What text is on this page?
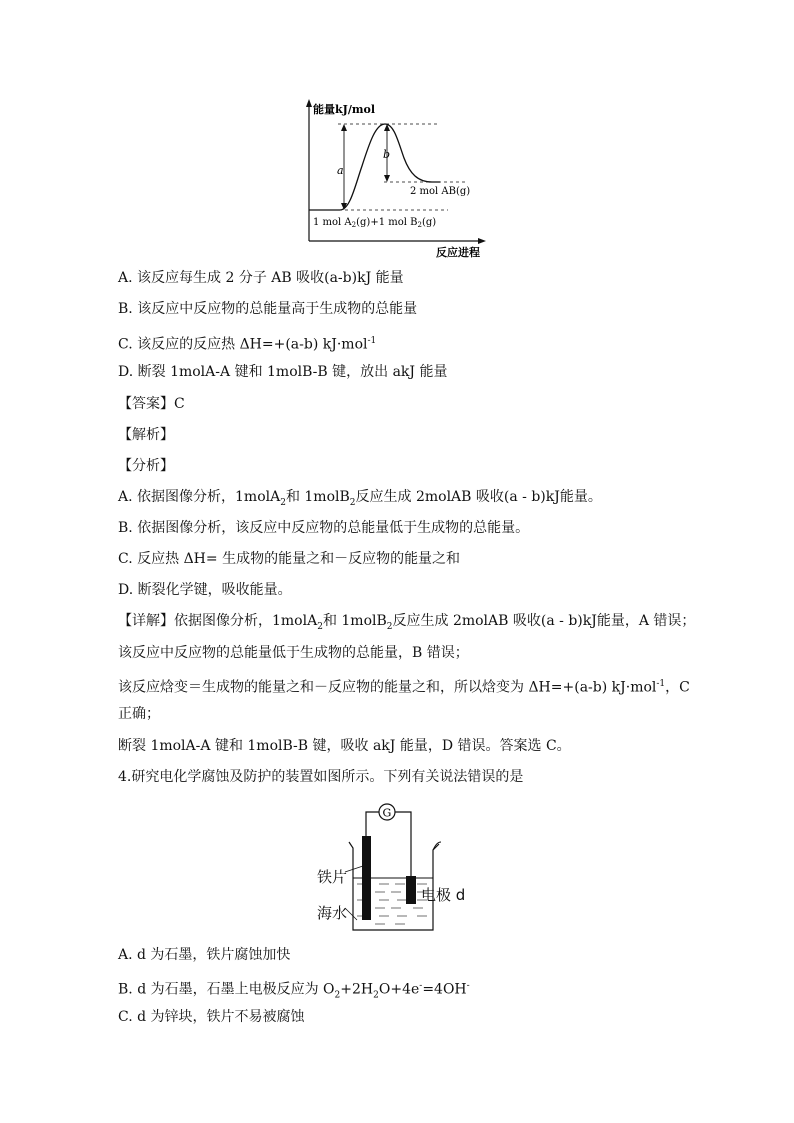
能量kJ/mol
反应进程
a
b
2 mol AB(g)
1 mol $A_2(g)+1$ mol $B_2(g)$
A. 该反应每生成 2 分子 AB 吸收(a-b)kJ 能量
B. 该反应中反应物的总能量高于生成物的总能量
C. 该反应的反应热 ΔH=+(a-b) kJ·mol$^{-1}$
D. 断裂 1molA-A 键和 1molB-B 键，放出 akJ 能量
【答案】C
【解析】
【分析】
A. 依据图像分析，1molA$_2$和 1molB$_2$反应生成 2molAB 吸收(a - b)kJ能量。
B. 依据图像分析，该反应中反应物的总能量低于生成物的总能量。
C. 反应热 ΔH= 生成物的能量之和－反应物的能量之和
D. 断裂化学键，吸收能量。
【详解】依据图像分析，1molA$_2$和 1molB$_2$反应生成 2molAB 吸收(a - b)kJ能量，A 错误；
该反应中反应物的总能量低于生成物的总能量，B 错误；
该反应焓变＝生成物的能量之和－反应物的能量之和，所以焓变为 ΔH=+(a-b) kJ·mol$^{-1}$，C
正确；
断裂 1molA-A 键和 1molB-B 键，吸收 akJ 能量，D 错误。答案选 C。
4.研究电化学腐蚀及防护的装置如图所示。下列有关说法错误的是
G
铁片
海水
电极 d
A. d 为石墨，铁片腐蚀加快
B. d 为石墨，石墨上电极反应为 $O_2+2H_2O+4e^-=4OH^-$
C. d 为锌块，铁片不易被腐蚀
